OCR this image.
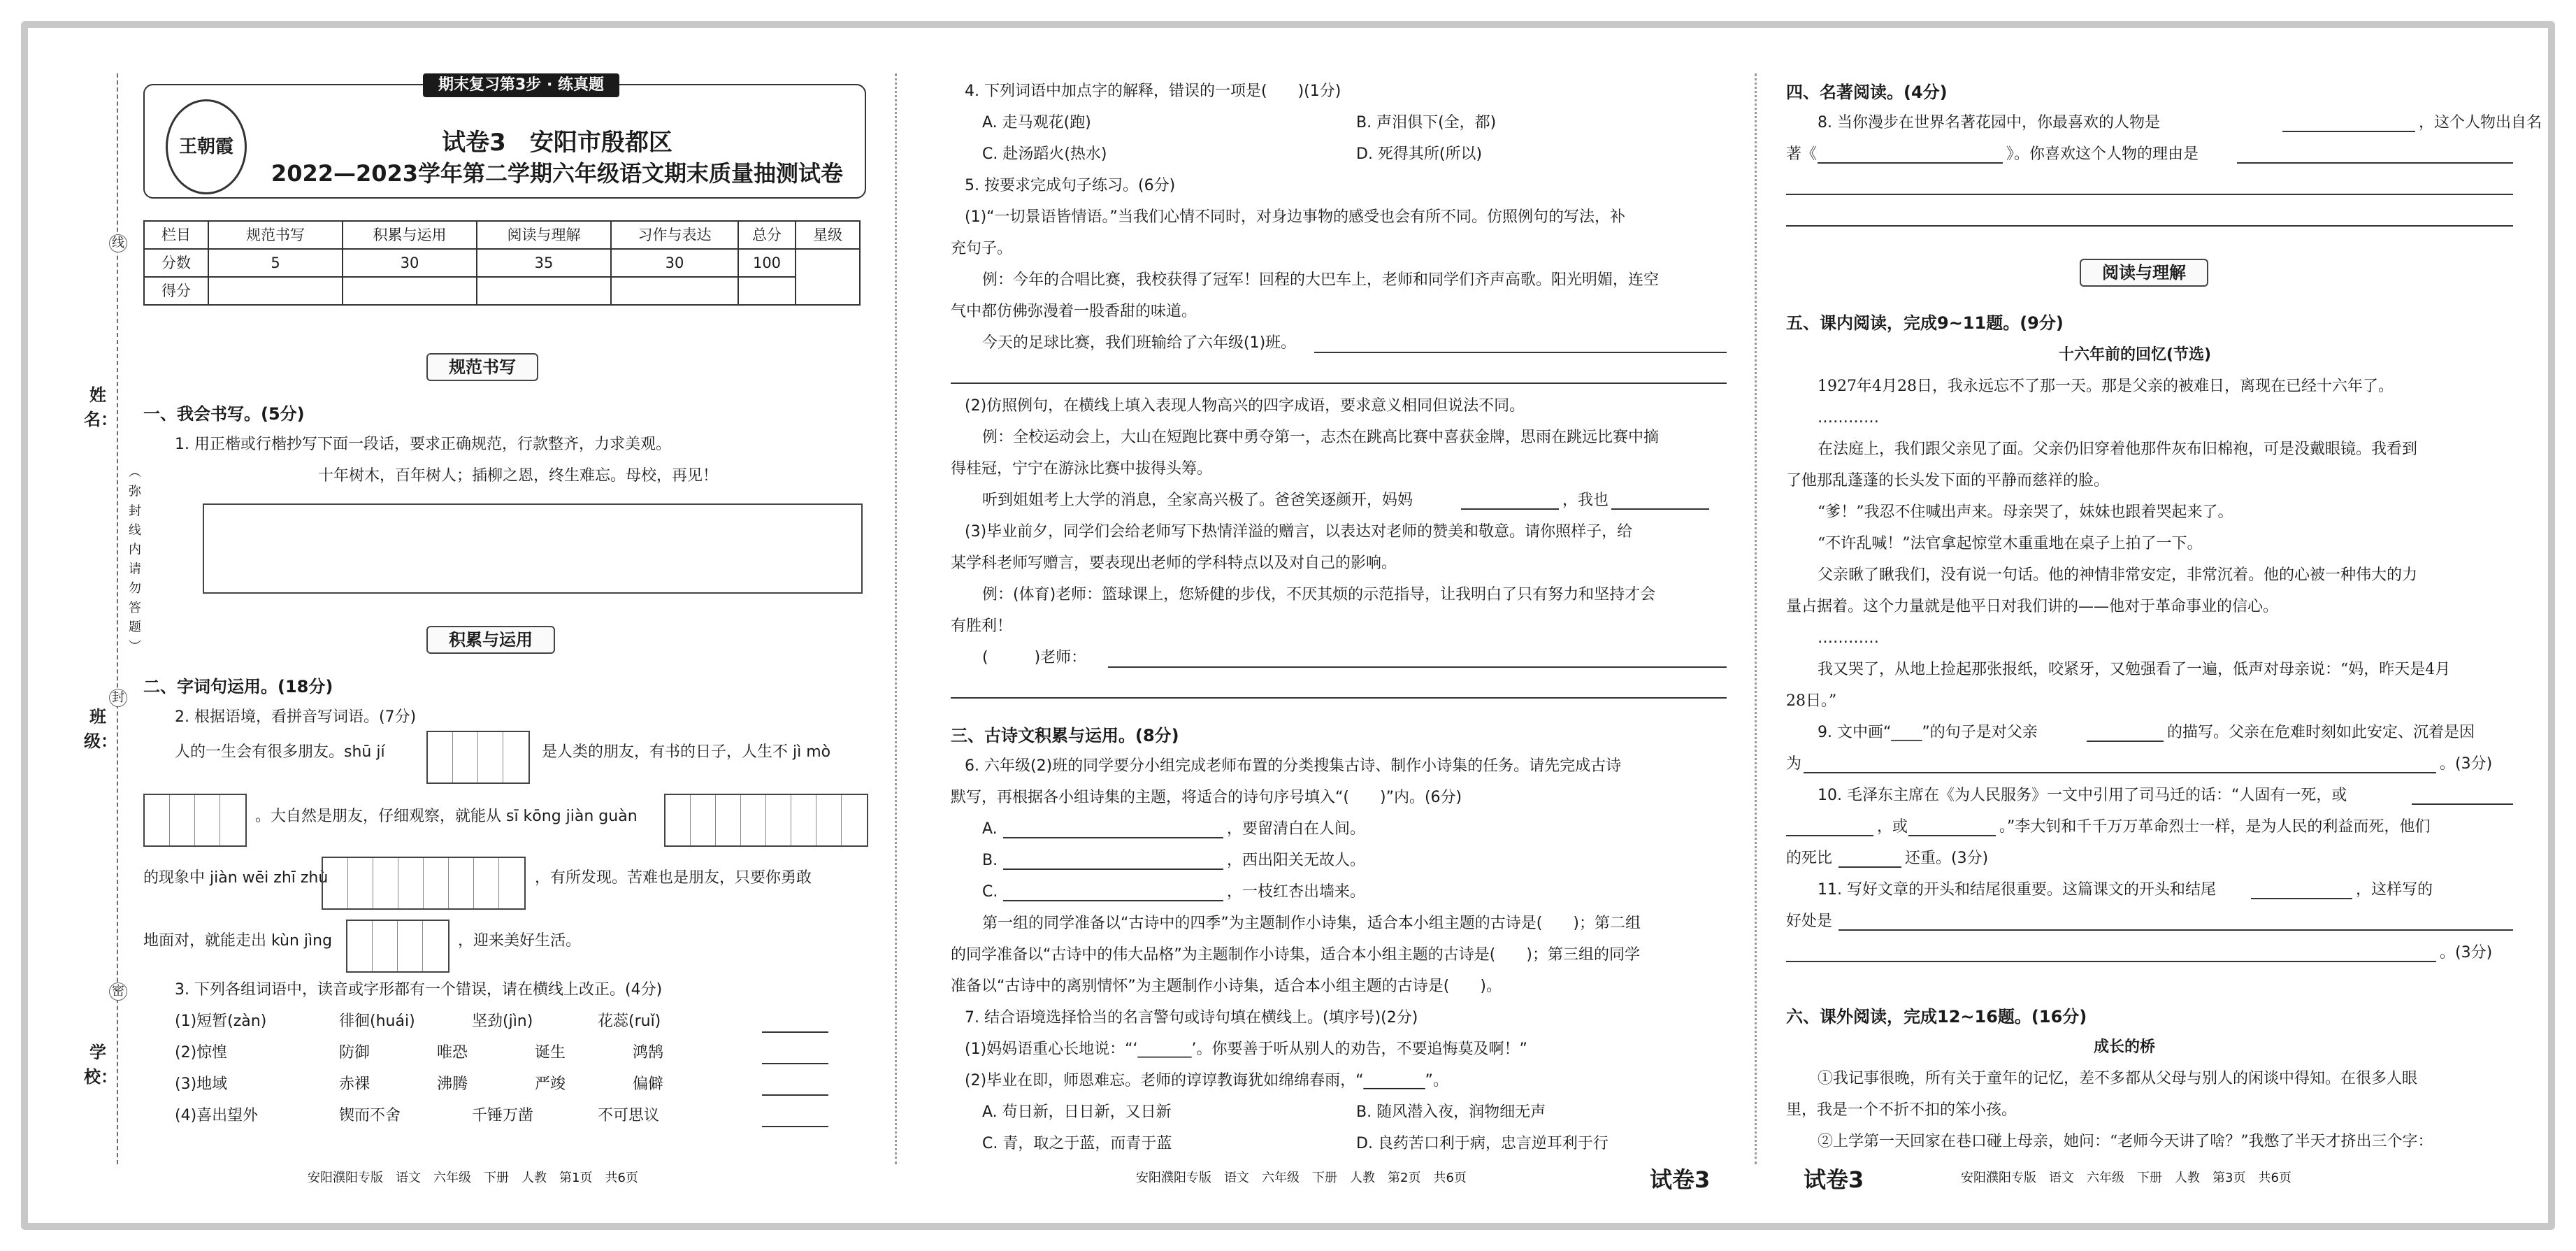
姓名：
班级：
学校：
线
封
密
（ 弥 封 线 内 请 勿 答 题 ）
王朝霞	试卷3　安阳市殷都区
2022—2023学年第二学期六年级语文期末质量抽测试卷
期末复习第3步 · 练真题
栏目	规范书写	积累与运用	阅读与理解	习作与表达	总分	星级
分数	5	30	35	30	100	
得分						
规范书写
一、我会书写。(5分)
1. 用正楷或行楷抄写下面一段话，要求正确规范，行款整齐，力求美观。
十年树木，百年树人；插柳之恩，终生难忘。母校，再见！
积累与运用
二、字词句运用。(18分)
2. 根据语境，看拼音写词语。(7分)
人的一生会有很多朋友。shū jí	是人类的朋友，有书的日子，人生不 jì mò
。大自然是朋友，仔细观察，就能从 sī kōng jiàn guàn
的现象中 jiàn wēi zhī zhù	，有所发现。苦难也是朋友，只要你勇敢
地面对，就能走出 kùn jìng	，迎来美好生活。
3. 下列各组词语中，读音或字形都有一个错误，请在横线上改正。(4分)
(1)短暂(zàn)	徘徊(huái)	坚劲(jìn)	花蕊(ruǐ)
(2)惊惶	防御	唯恐	诞生	鸿鹄
(3)地域	赤裸	沸腾	严竣	偏僻
(4)喜出望外	锲而不舍	千锤万凿	不可思议
安阳濮阳专版　语文　六年级　下册　人教　第1页　共6页
4. 下列词语中加点字的解释，错误的一项是(　　)(1分)
A. 走马观花(跑)	B. 声泪俱下(全，都)
C. 赴汤蹈火(热水)	D. 死得其所(所以)
5. 按要求完成句子练习。(6分)
(1)“一切景语皆情语。”当我们心情不同时，对身边事物的感受也会有所不同。仿照例句的写法，补
充句子。
例：今年的合唱比赛，我校获得了冠军！回程的大巴车上，老师和同学们齐声高歌。阳光明媚，连空
气中都仿佛弥漫着一股香甜的味道。
今天的足球比赛，我们班输给了六年级(1)班。
(2)仿照例句，在横线上填入表现人物高兴的四字成语，要求意义相同但说法不同。
例：全校运动会上，大山在短跑比赛中勇夺第一，志杰在跳高比赛中喜获金牌，思雨在跳远比赛中摘
得桂冠，宁宁在游泳比赛中拔得头筹。
听到姐姐考上大学的消息，全家高兴极了。爸爸笑逐颜开，妈妈	，我也
(3)毕业前夕，同学们会给老师写下热情洋溢的赠言，以表达对老师的赞美和敬意。请你照样子，给
某学科老师写赠言，要表现出老师的学科特点以及对自己的影响。
例：(体育)老师：篮球课上，您矫健的步伐，不厌其烦的示范指导，让我明白了只有努力和坚持才会
有胜利！
(　　　)老师：
三、古诗文积累与运用。(8分)
6. 六年级(2)班的同学要分小组完成老师布置的分类搜集古诗、制作小诗集的任务。请先完成古诗
默写，再根据各小组诗集的主题，将适合的诗句序号填入“(　　)”内。(6分)
A.	，要留清白在人间。
B.	，西出阳关无故人。
C.	，一枝红杏出墙来。
第一组的同学准备以“古诗中的四季”为主题制作小诗集，适合本小组主题的古诗是(　　)；第二组
的同学准备以“古诗中的伟大品格”为主题制作小诗集，适合本小组主题的古诗是(　　)；第三组的同学
准备以“古诗中的离别情怀”为主题制作小诗集，适合本小组主题的古诗是(　　)。
7. 结合语境选择恰当的名言警句或诗句填在横线上。(填序号)(2分)
(1)妈妈语重心长地说：“‘_______’。你要善于听从别人的劝告，不要追悔莫及啊！”
(2)毕业在即，师恩难忘。老师的谆谆教诲犹如绵绵春雨，“________”。
A. 苟日新，日日新，又日新	B. 随风潜入夜，润物细无声
C. 青，取之于蓝，而青于蓝	D. 良药苦口利于病，忠言逆耳利于行
安阳濮阳专版　语文　六年级　下册　人教　第2页　共6页	试卷3
四、名著阅读。(4分)
8. 当你漫步在世界名著花园中，你最喜欢的人物是	，这个人物出自名
著《	》。你喜欢这个人物的理由是
阅读与理解
五、课内阅读，完成9~11题。(9分)
十六年前的回忆(节选)
1927年4月28日，我永远忘不了那一天。那是父亲的被难日，离现在已经十六年了。
…………
在法庭上，我们跟父亲见了面。父亲仍旧穿着他那件灰布旧棉袍，可是没戴眼镜。我看到
了他那乱蓬蓬的长头发下面的平静而慈祥的脸。
“爹！”我忍不住喊出声来。母亲哭了，妹妹也跟着哭起来了。
“不许乱喊！”法官拿起惊堂木重重地在桌子上拍了一下。
父亲瞅了瞅我们，没有说一句话。他的神情非常安定，非常沉着。他的心被一种伟大的力
量占据着。这个力量就是他平日对我们讲的——他对于革命事业的信心。
…………
我又哭了，从地上捡起那张报纸，咬紧牙，又勉强看了一遍，低声对母亲说：“妈，昨天是4月
28日。”
9. 文中画“____”的句子是对父亲	的描写。父亲在危难时刻如此安定、沉着是因
为	。(3分)
10. 毛泽东主席在《为人民服务》一文中引用了司马迁的话：“人固有一死，或
，或	。”李大钊和千千万万革命烈士一样，是为人民的利益而死，他们
的死比	还重。(3分)
11. 写好文章的开头和结尾很重要。这篇课文的开头和结尾	，这样写的
好处是
。(3分)
六、课外阅读，完成12~16题。(16分)
成长的桥
①我记事很晚，所有关于童年的记忆，差不多都从父母与别人的闲谈中得知。在很多人眼
里，我是一个不折不扣的笨小孩。
②上学第一天回家在巷口碰上母亲，她问：“老师今天讲了啥？”我憋了半天才挤出三个字：
试卷3	安阳濮阳专版　语文　六年级　下册　人教　第3页　共6页
